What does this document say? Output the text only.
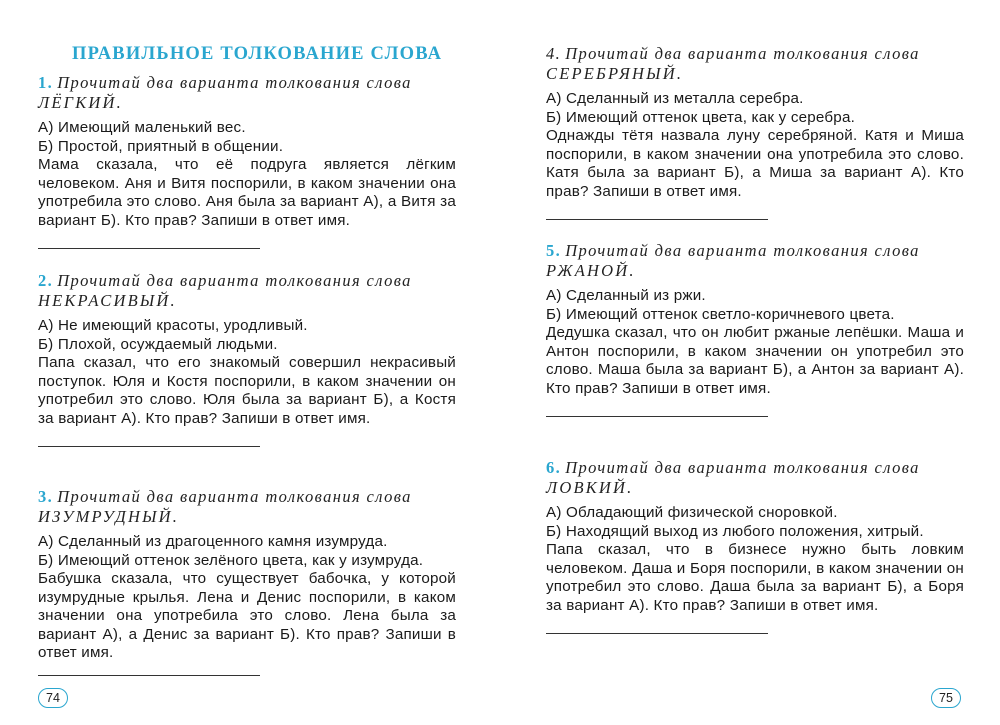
ПРАВИЛЬНОЕ ТОЛКОВАНИЕ СЛОВА
1. Прочитай два варианта толкования слова
ЛЁГКИЙ.
А) Имеющий маленький вес.
Б) Простой, приятный в общении.
Мама сказала, что её подруга является лёгким человеком. Аня и Витя поспорили, в каком значении она употребила это слово. Аня была за вариант А), а Витя за вариант Б). Кто прав? Запиши в ответ имя.
2. Прочитай два варианта толкования слова
НЕКРАСИВЫЙ.
А) Не имеющий красоты, уродливый.
Б) Плохой, осуждаемый людьми.
Папа сказал, что его знакомый совершил некрасивый поступок. Юля и Костя поспорили, в каком значении он употребил это слово. Юля была за вариант Б), а Костя за вариант А). Кто прав? Запиши в ответ имя.
3. Прочитай два варианта толкования слова
ИЗУМРУДНЫЙ.
А) Сделанный из драгоценного камня изумруда.
Б) Имеющий оттенок зелёного цвета, как у изумруда.
Бабушка сказала, что существует бабочка, у которой изумрудные крылья. Лена и Денис поспорили, в каком значении она употребила это слово. Лена была за вариант А), а Денис за вариант Б). Кто прав? Запиши в ответ имя.
74
4. Прочитай два варианта толкования слова
СЕРЕБРЯНЫЙ.
А) Сделанный из металла серебра.
Б) Имеющий оттенок цвета, как у серебра.
Однажды тётя назвала луну серебряной. Катя и Миша поспорили, в каком значении она употребила это слово. Катя была за вариант Б), а Миша за вариант А). Кто прав? Запиши в ответ имя.
5. Прочитай два варианта толкования слова
РЖАНОЙ.
А) Сделанный из ржи.
Б) Имеющий оттенок светло-коричневого цвета.
Дедушка сказал, что он любит ржаные лепёшки. Маша и Антон поспорили, в каком значении он употребил это слово. Маша была за вариант Б), а Антон за вариант А). Кто прав? Запиши в ответ имя.
6. Прочитай два варианта толкования слова
ЛОВКИЙ.
А) Обладающий физической сноровкой.
Б) Находящий выход из любого положения, хитрый.
Папа сказал, что в бизнесе нужно быть ловким человеком. Даша и Боря поспорили, в каком значении он употребил это слово. Даша была за вариант Б), а Боря за вариант А). Кто прав? Запиши в ответ имя.
75
